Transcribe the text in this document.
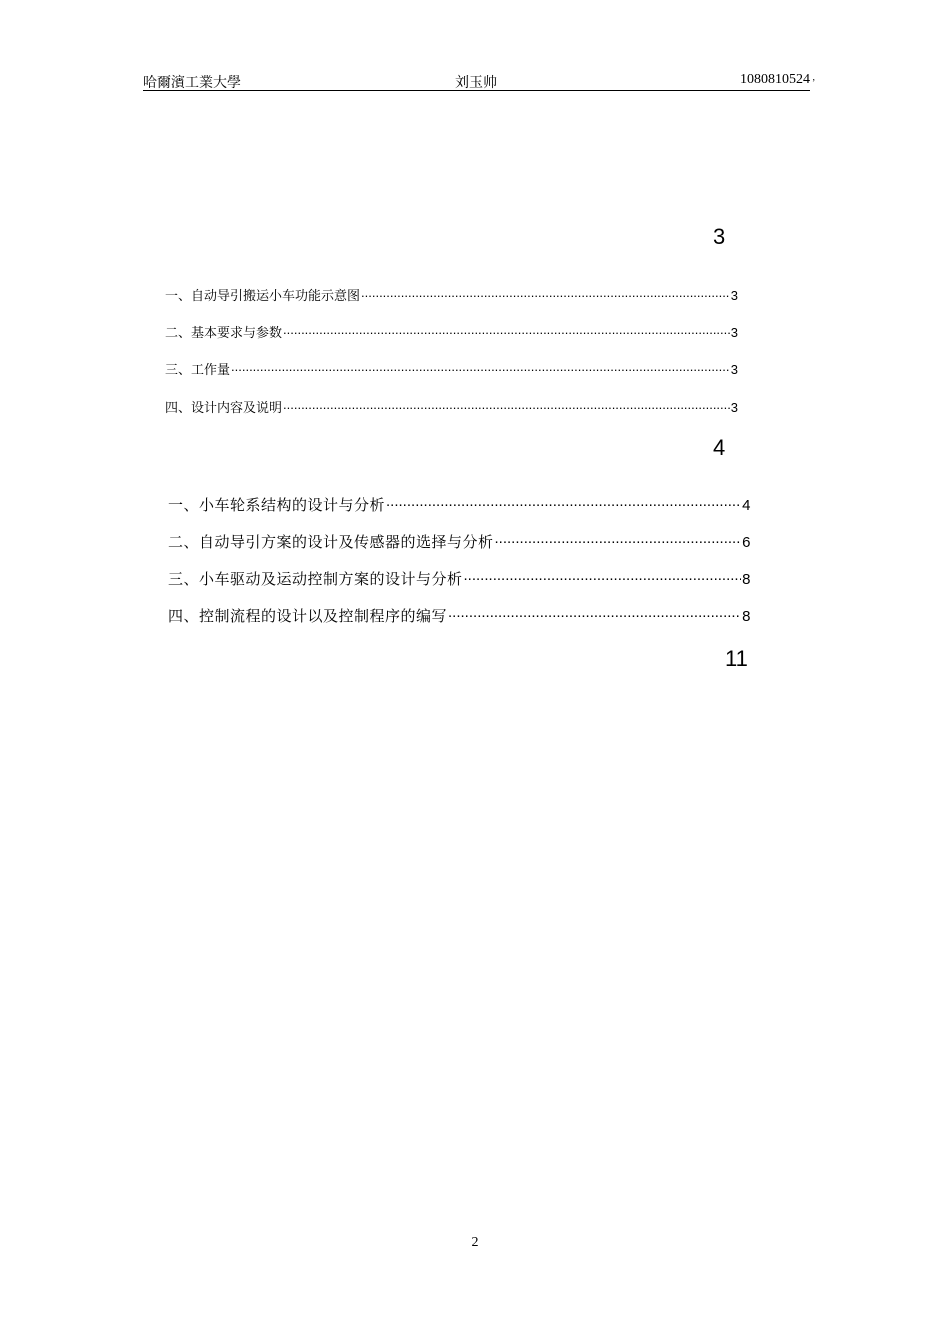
哈爾濱工業大學	刘玉帅	1080810524 ,
3
一、自动导引搬运小车功能示意图 .....	3
二、基本要求与参数 .....	3
三、工作量 .....	3
四、设计内容及说明 .....	3
4
一、小车轮系结构的设计与分析 .....	4
二、自动导引方案的设计及传感器的选择与分析 .....	6
三、小车驱动及运动控制方案的设计与分析 .....	8
四、控制流程的设计以及控制程序的编写 .....	8
11
2
